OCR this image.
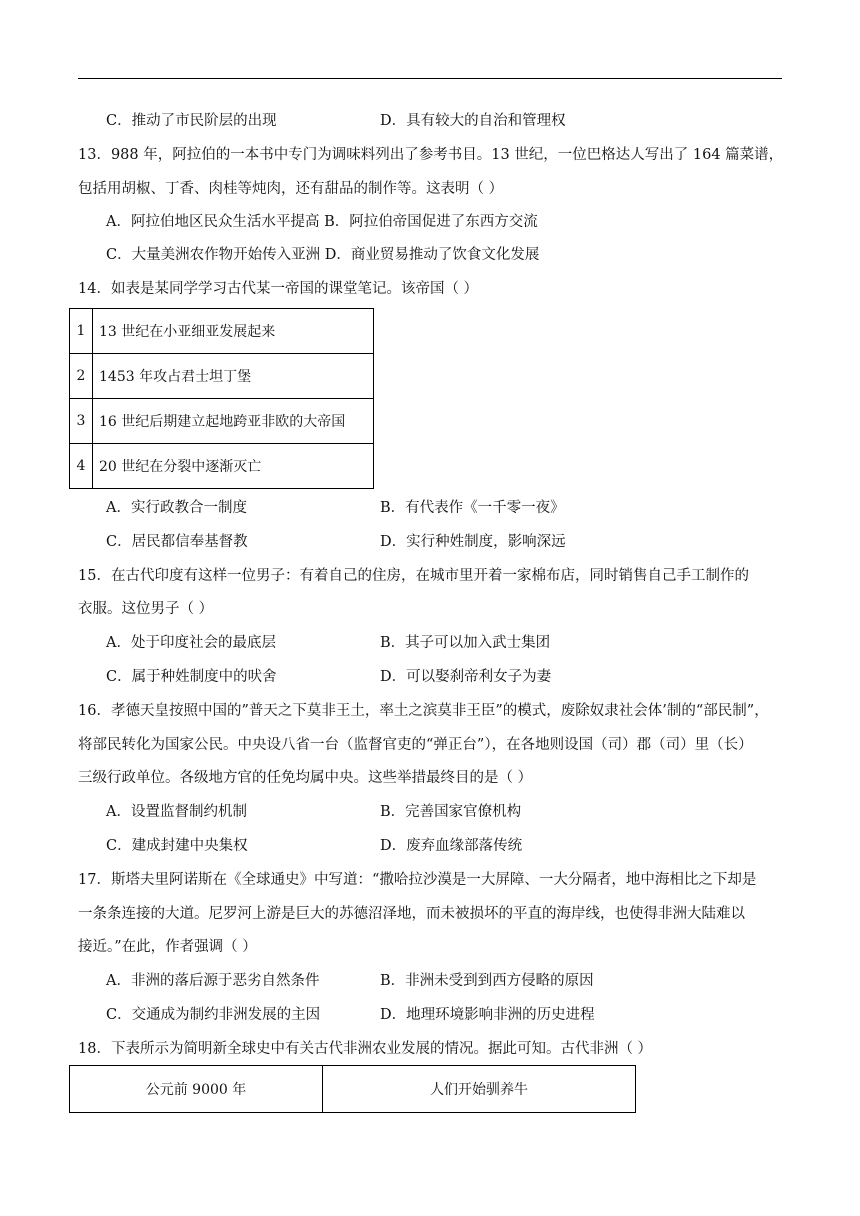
C．推动了市民阶层的出现	D．具有较大的自治和管理权
13．988 年，阿拉伯的一本书中专门为调味料列出了参考书目。13 世纪，一位巴格达人写出了 164 篇菜谱，
包括用胡椒、丁香、肉桂等炖肉，还有甜品的制作等。这表明（ ）
A．阿拉伯地区民众生活水平提高 B．阿拉伯帝国促进了东西方交流
C．大量美洲农作物开始传入亚洲 D．商业贸易推动了饮食文化发展
14．如表是某同学学习古代某一帝国的课堂笔记。该帝国（ ）
1	13 世纪在小亚细亚发展起来
2	1453 年攻占君士坦丁堡
3	16 世纪后期建立起地跨亚非欧的大帝国
4	20 世纪在分裂中逐渐灭亡
A．实行政教合一制度	B．有代表作《一千零一夜》
C．居民都信奉基督教	D．实行种姓制度，影响深远
15．在古代印度有这样一位男子：有着自己的住房，在城市里开着一家棉布店，同时销售自己手工制作的
衣服。这位男子（ ）
A．处于印度社会的最底层	B．其子可以加入武士集团
C．属于种姓制度中的吠舍	D．可以娶刹帝利女子为妻
16．孝德天皇按照中国的”普天之下莫非王土，率土之滨莫非王臣”的模式，废除奴隶社会体’制的“部民制”，
将部民转化为国家公民。中央设八省一台（监督官吏的“弹正台”），在各地则设国（司）郡（司）里（长）
三级行政单位。各级地方官的任免均属中央。这些举措最终目的是（ ）
A．设置监督制约机制	B．完善国家官僚机构
C．建成封建中央集权	D．废弃血缘部落传统
17．斯塔夫里阿诺斯在《全球通史》中写道：“撒哈拉沙漠是一大屏障、一大分隔者，地中海相比之下却是
一条条连接的大道。尼罗河上游是巨大的苏德沼泽地，而未被损坏的平直的海岸线，也使得非洲大陆难以
接近。”在此，作者强调（ ）
A．非洲的落后源于恶劣自然条件	B．非洲未受到到西方侵略的原因
C．交通成为制约非洲发展的主因	D．地理环境影响非洲的历史进程
18．下表所示为简明新全球史中有关古代非洲农业发展的情况。据此可知。古代非洲（ ）
公元前 9000 年	人们开始驯养牛
